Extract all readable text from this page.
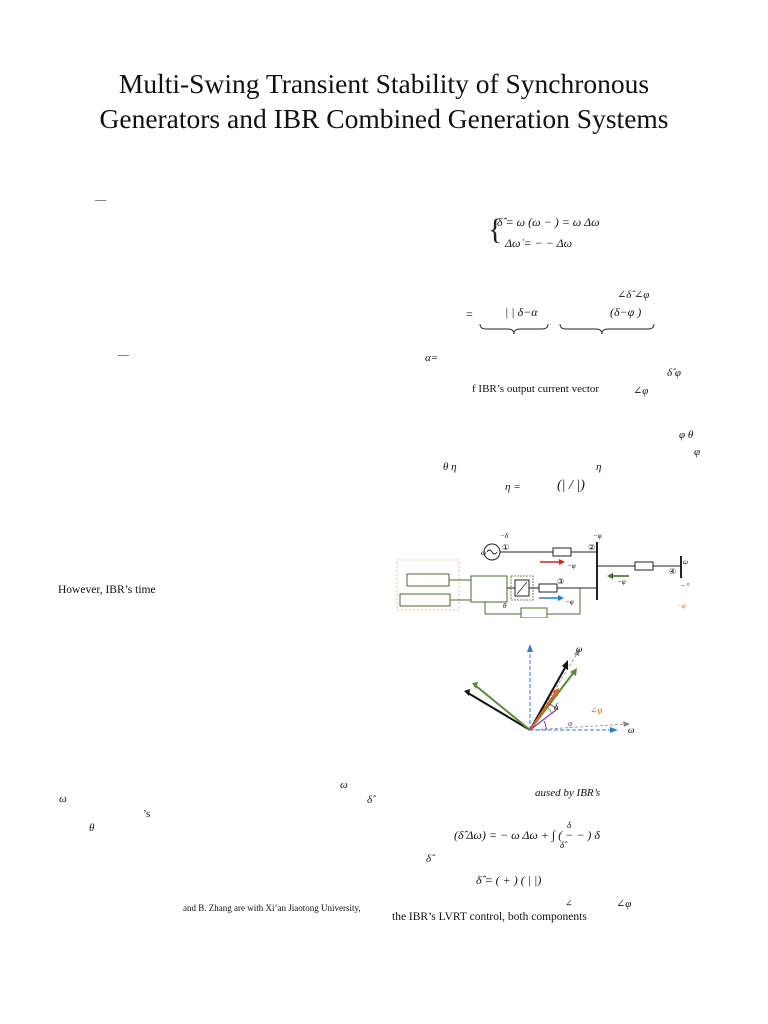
Multi-Swing Transient Stability of Synchronous
Generators and IBR Combined Generation Systems
—
—
However, IBR’s time
ω
ω	δ̂
’s
θ
and B. Zhang are with Xi’an Jiaotong University,
{
δ̂ = ω (ω − ) = ω Δω
Δω̇ = − − Δω
∠δ̂ ∠φ
=	| | δ−α	(δ−φ )
α=
δ̂ φ
f IBR’s output current vector	∠φ
φ θ
φ
θ η	η
η =	(| / |)
−δ	−φ
ω
①	②
③
④
−φ
−φ
−φ
θ
ω
− °
−φ
ω
δ	∠φ
φ
ω
aused by IBR’s
(δ̂ Δω) = − ω Δω + ∫ ( − − ) δ
δ
δ̂
δ̂
δ̂ = ( + ) ( | |)
∠	∠φ
the IBR’s LVRT control, both components
